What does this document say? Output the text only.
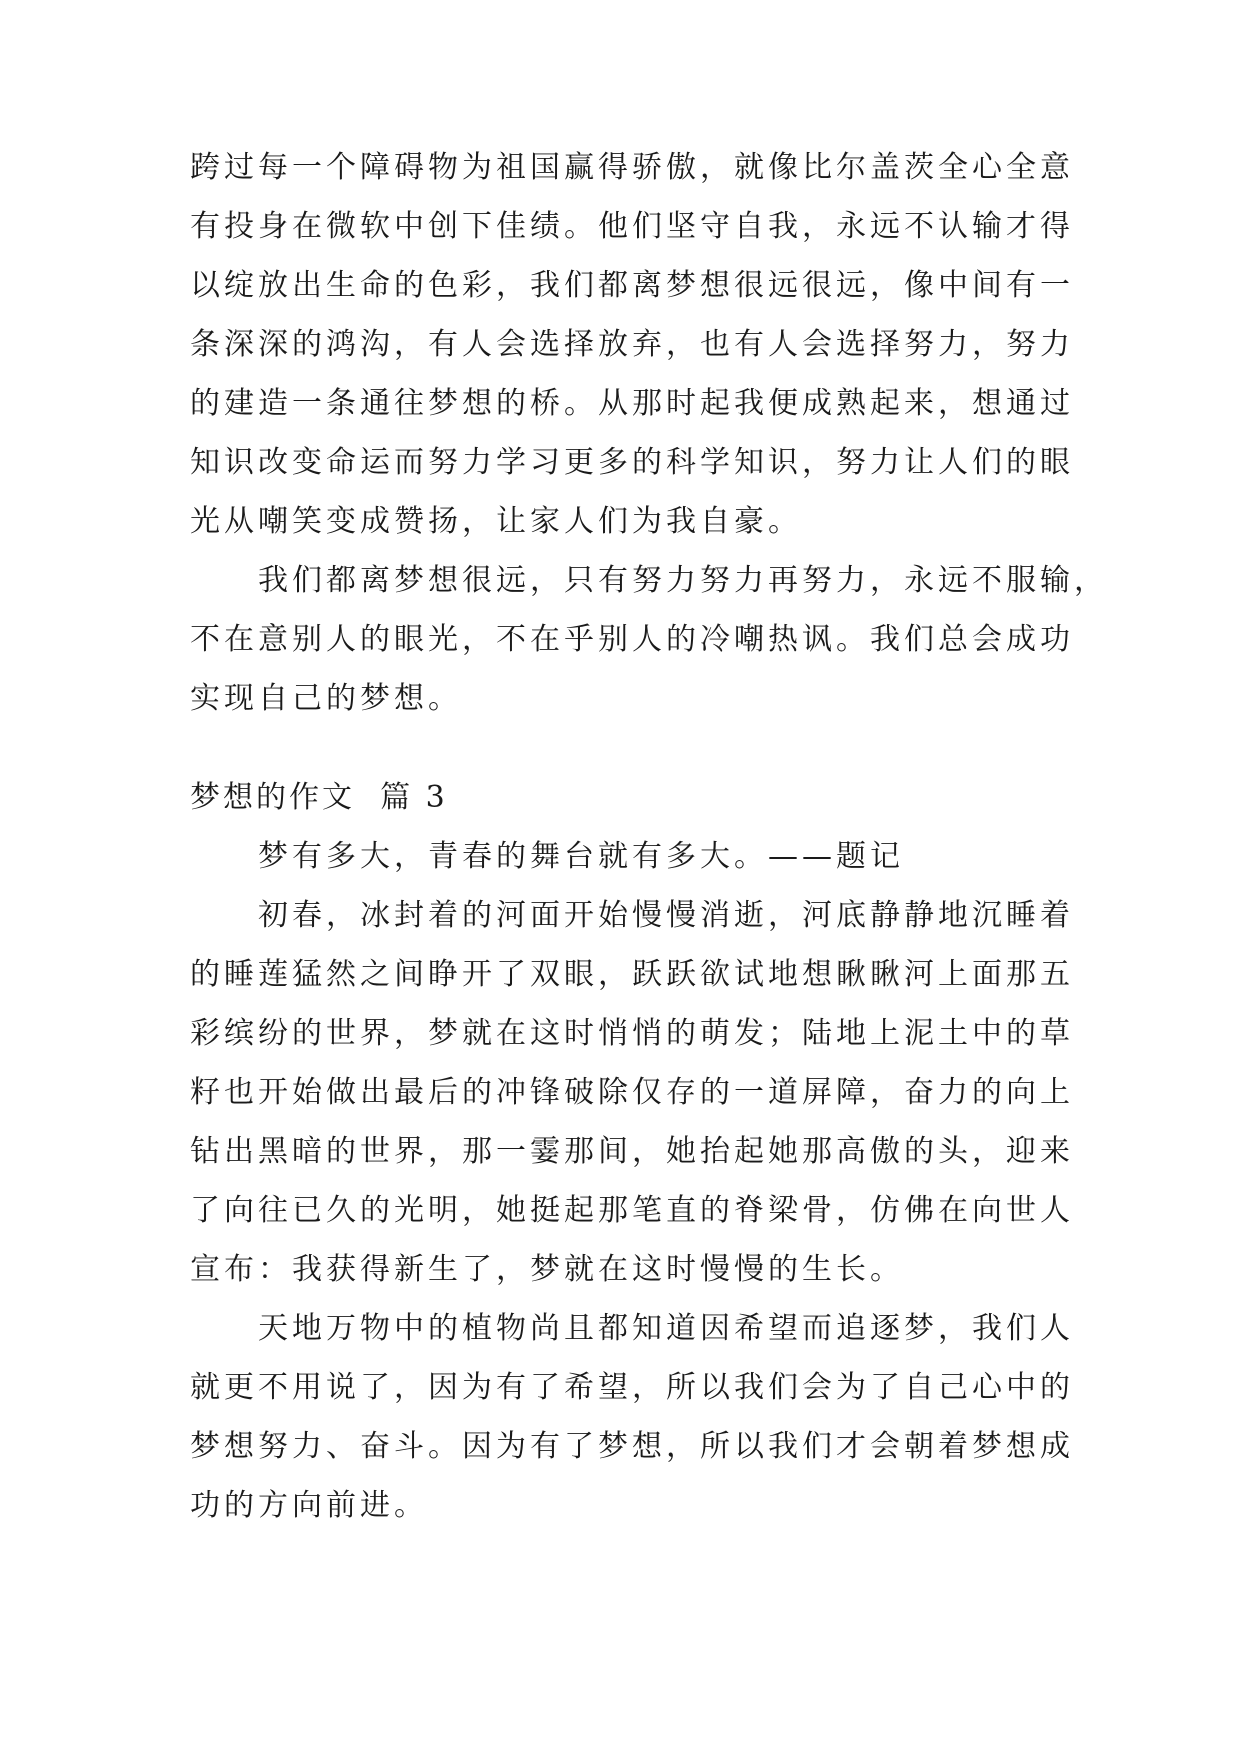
跨过每一个障碍物为祖国赢得骄傲，就像比尔盖茨全心全意
有投身在微软中创下佳绩。他们坚守自我，永远不认输才得
以绽放出生命的色彩，我们都离梦想很远很远，像中间有一
条深深的鸿沟，有人会选择放弃，也有人会选择努力，努力
的建造一条通往梦想的桥。从那时起我便成熟起来，想通过
知识改变命运而努力学习更多的科学知识，努力让人们的眼
光从嘲笑变成赞扬，让家人们为我自豪。

我们都离梦想很远，只有努力努力再努力，永远不服输，
不在意别人的眼光，不在乎别人的冷嘲热讽。我们总会成功
实现自己的梦想。

梦想的作文  篇 3

梦有多大，青春的舞台就有多大。——题记

初春，冰封着的河面开始慢慢消逝，河底静静地沉睡着
的睡莲猛然之间睁开了双眼，跃跃欲试地想瞅瞅河上面那五
彩缤纷的世界，梦就在这时悄悄的萌发；陆地上泥土中的草
籽也开始做出最后的冲锋破除仅存的一道屏障，奋力的向上
钻出黑暗的世界，那一霎那间，她抬起她那高傲的头，迎来
了向往已久的光明，她挺起那笔直的脊梁骨，仿佛在向世人
宣布：我获得新生了，梦就在这时慢慢的生长。

天地万物中的植物尚且都知道因希望而追逐梦，我们人
就更不用说了，因为有了希望，所以我们会为了自己心中的
梦想努力、奋斗。因为有了梦想，所以我们才会朝着梦想成
功的方向前进。
